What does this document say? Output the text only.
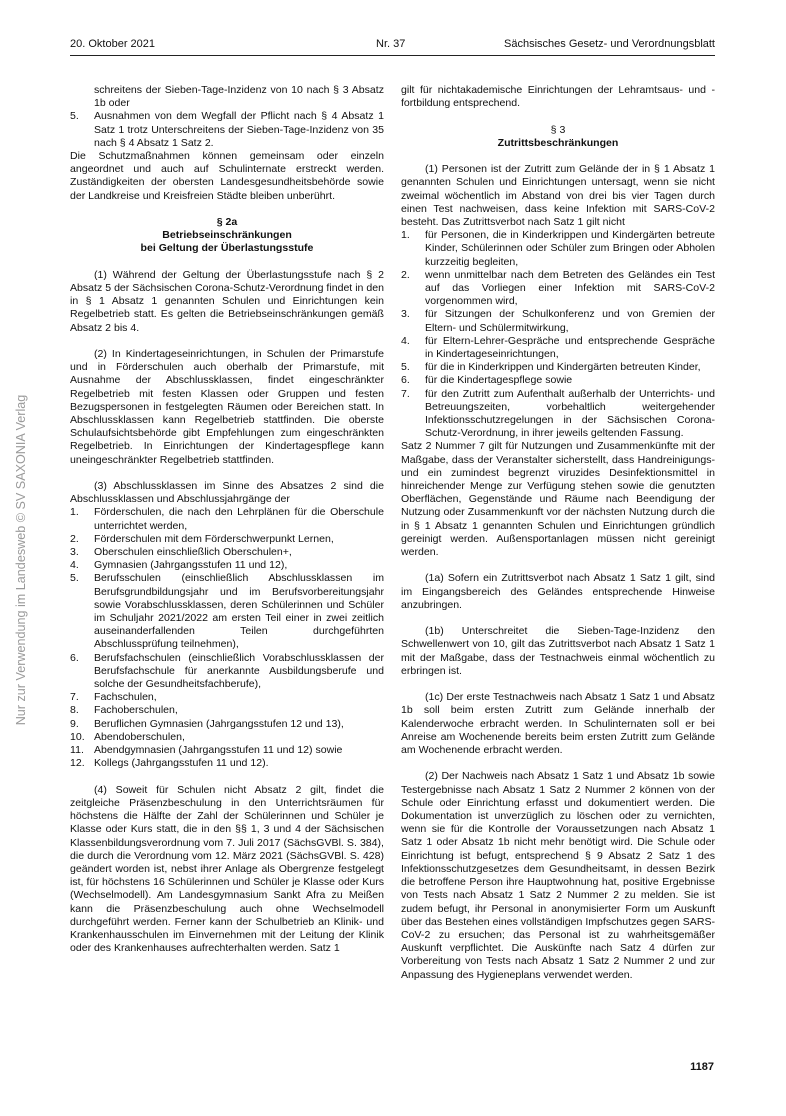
Nur zur Verwendung im Landesweb © SV SAXONIA Verlag
20. Oktober 2021	Nr. 37	Sächsisches Gesetz- und Verordnungsblatt

schreitens der Sieben-Tage-Inzidenz von 10 nach § 3 Absatz 1b oder

5. Ausnahmen von dem Wegfall der Pflicht nach § 4 Absatz 1 Satz 1 trotz Unterschreitens der Sieben-Tage-Inzidenz von 35 nach § 4 Absatz 1 Satz 2.

Die Schutzmaßnahmen können gemeinsam oder einzeln angeordnet und auch auf Schulinternate erstreckt werden. Zuständigkeiten der obersten Landesgesundheitsbehörde sowie der Landkreise und Kreisfreien Städte bleiben unberührt.

§ 2a

Betriebseinschränkungen

bei Geltung der Überlastungsstufe

(1) Während der Geltung der Überlastungsstufe nach § 2 Absatz 5 der Sächsischen Corona-Schutz-Verordnung findet in den in § 1 Absatz 1 genannten Schulen und Einrichtungen kein Regelbetrieb statt. Es gelten die Betriebseinschränkungen gemäß Absatz 2 bis 4.

(2) In Kindertageseinrichtungen, in Schulen der Primarstufe und in Förderschulen auch oberhalb der Primarstufe, mit Ausnahme der Abschlussklassen, findet eingeschränkter Regelbetrieb mit festen Klassen oder Gruppen und festen Bezugspersonen in festgelegten Räumen oder Bereichen statt. In Abschlussklassen kann Regelbetrieb stattfinden. Die oberste Schulaufsichtsbehörde gibt Empfehlungen zum eingeschränkten Regelbetrieb. In Einrichtungen der Kindertagespflege kann uneingeschränkter Regelbetrieb stattfinden.

(3) Abschlussklassen im Sinne des Absatzes 2 sind die Abschlussklassen und Abschlussjahrgänge der

1. Förderschulen, die nach den Lehrplänen für die Oberschule unterrichtet werden,
2. Förderschulen mit dem Förderschwerpunkt Lernen,
3. Oberschulen einschließlich Oberschulen+,
4. Gymnasien (Jahrgangsstufen 11 und 12),
5. Berufsschulen (einschließlich Abschlussklassen im Berufsgrundbildungsjahr und im Berufsvorbereitungsjahr sowie Vorabschlussklassen, deren Schülerinnen und Schüler im Schuljahr 2021/2022 am ersten Teil einer in zwei zeitlich auseinanderfallenden Teilen durchgeführten Abschlussprüfung teilnehmen),
6. Berufsfachschulen (einschließlich Vorabschlussklassen der Berufsfachschule für anerkannte Ausbildungsberufe und solche der Gesundheitsfachberufe),
7. Fachschulen,
8. Fachoberschulen,
9. Beruflichen Gymnasien (Jahrgangsstufen 12 und 13),
10. Abendoberschulen,
11. Abendgymnasien (Jahrgangsstufen 11 und 12) sowie
12. Kollegs (Jahrgangsstufen 11 und 12).

(4) Soweit für Schulen nicht Absatz 2 gilt, findet die zeitgleiche Präsenzbeschulung in den Unterrichtsräumen für höchstens die Hälfte der Zahl der Schülerinnen und Schüler je Klasse oder Kurs statt, die in den §§ 1, 3 und 4 der Sächsischen Klassenbildungsverordnung vom 7. Juli 2017 (SächsGVBl. S. 384), die durch die Verordnung vom 12. März 2021 (SächsGVBl. S. 428) geändert worden ist, nebst ihrer Anlage als Obergrenze festgelegt ist, für höchstens 16 Schülerinnen und Schüler je Klasse oder Kurs (Wechselmodell). Am Landesgymnasium Sankt Afra zu Meißen kann die Präsenzbeschulung auch ohne Wechselmodell durchgeführt werden. Ferner kann der Schulbetrieb an Klinik- und Krankenhausschulen im Einvernehmen mit der Leitung der Klinik oder des Krankenhauses aufrechterhalten werden. Satz 1

gilt für nichtakademische Einrichtungen der Lehramtsaus- und -fortbildung entsprechend.

§ 3

Zutrittsbeschränkungen

(1) Personen ist der Zutritt zum Gelände der in § 1 Absatz 1 genannten Schulen und Einrichtungen untersagt, wenn sie nicht zweimal wöchentlich im Abstand von drei bis vier Tagen durch einen Test nachweisen, dass keine Infektion mit SARS-CoV-2 besteht. Das Zutrittsverbot nach Satz 1 gilt nicht

1. für Personen, die in Kinderkrippen und Kindergärten betreute Kinder, Schülerinnen oder Schüler zum Bringen oder Abholen kurzzeitig begleiten,
2. wenn unmittelbar nach dem Betreten des Geländes ein Test auf das Vorliegen einer Infektion mit SARS-CoV-2 vorgenommen wird,
3. für Sitzungen der Schulkonferenz und von Gremien der Eltern- und Schülermitwirkung,
4. für Eltern-Lehrer-Gespräche und entsprechende Gespräche in Kindertageseinrichtungen,
5. für die in Kinderkrippen und Kindergärten betreuten Kinder,
6. für die Kindertagespflege sowie
7. für den Zutritt zum Aufenthalt außerhalb der Unterrichts- und Betreuungszeiten, vorbehaltlich weitergehender Infektionsschutzregelungen in der Sächsischen Corona-Schutz-Verordnung, in ihrer jeweils geltenden Fassung.

Satz 2 Nummer 7 gilt für Nutzungen und Zusammenkünfte mit der Maßgabe, dass der Veranstalter sicherstellt, dass Handreinigungs- und ein zumindest begrenzt viruzides Desinfektionsmittel in hinreichender Menge zur Verfügung stehen sowie die genutzten Oberflächen, Gegenstände und Räume nach Beendigung der Nutzung oder Zusammenkunft vor der nächsten Nutzung durch die in § 1 Absatz 1 genannten Schulen und Einrichtungen gründlich gereinigt werden. Außensportanlagen müssen nicht gereinigt werden.

(1a) Sofern ein Zutrittsverbot nach Absatz 1 Satz 1 gilt, sind im Eingangsbereich des Geländes entsprechende Hinweise anzubringen.

(1b) Unterschreitet die Sieben-Tage-Inzidenz den Schwellenwert von 10, gilt das Zutrittsverbot nach Absatz 1 Satz 1 mit der Maßgabe, dass der Testnachweis einmal wöchentlich zu erbringen ist.

(1c) Der erste Testnachweis nach Absatz 1 Satz 1 und Absatz 1b soll beim ersten Zutritt zum Gelände innerhalb der Kalenderwoche erbracht werden. In Schulinternaten soll er bei Anreise am Wochenende bereits beim ersten Zutritt zum Gelände am Wochenende erbracht werden.

(2) Der Nachweis nach Absatz 1 Satz 1 und Absatz 1b sowie Testergebnisse nach Absatz 1 Satz 2 Nummer 2 können von der Schule oder Einrichtung erfasst und dokumentiert werden. Die Dokumentation ist unverzüglich zu löschen oder zu vernichten, wenn sie für die Kontrolle der Voraussetzungen nach Absatz 1 Satz 1 oder Absatz 1b nicht mehr benötigt wird. Die Schule oder Einrichtung ist befugt, entsprechend § 9 Absatz 2 Satz 1 des Infektionsschutzgesetzes dem Gesundheitsamt, in dessen Bezirk die betroffene Person ihre Hauptwohnung hat, positive Ergebnisse von Tests nach Absatz 1 Satz 2 Nummer 2 zu melden. Sie ist zudem befugt, ihr Personal in anonymisierter Form um Auskunft über das Bestehen eines vollständigen Impfschutzes gegen SARS-CoV-2 zu ersuchen; das Personal ist zu wahrheitsgemäßer Auskunft verpflichtet. Die Auskünfte nach Satz 4 dürfen zur Vorbereitung von Tests nach Absatz 1 Satz 2 Nummer 2 und zur Anpassung des Hygieneplans verwendet werden.

1187
